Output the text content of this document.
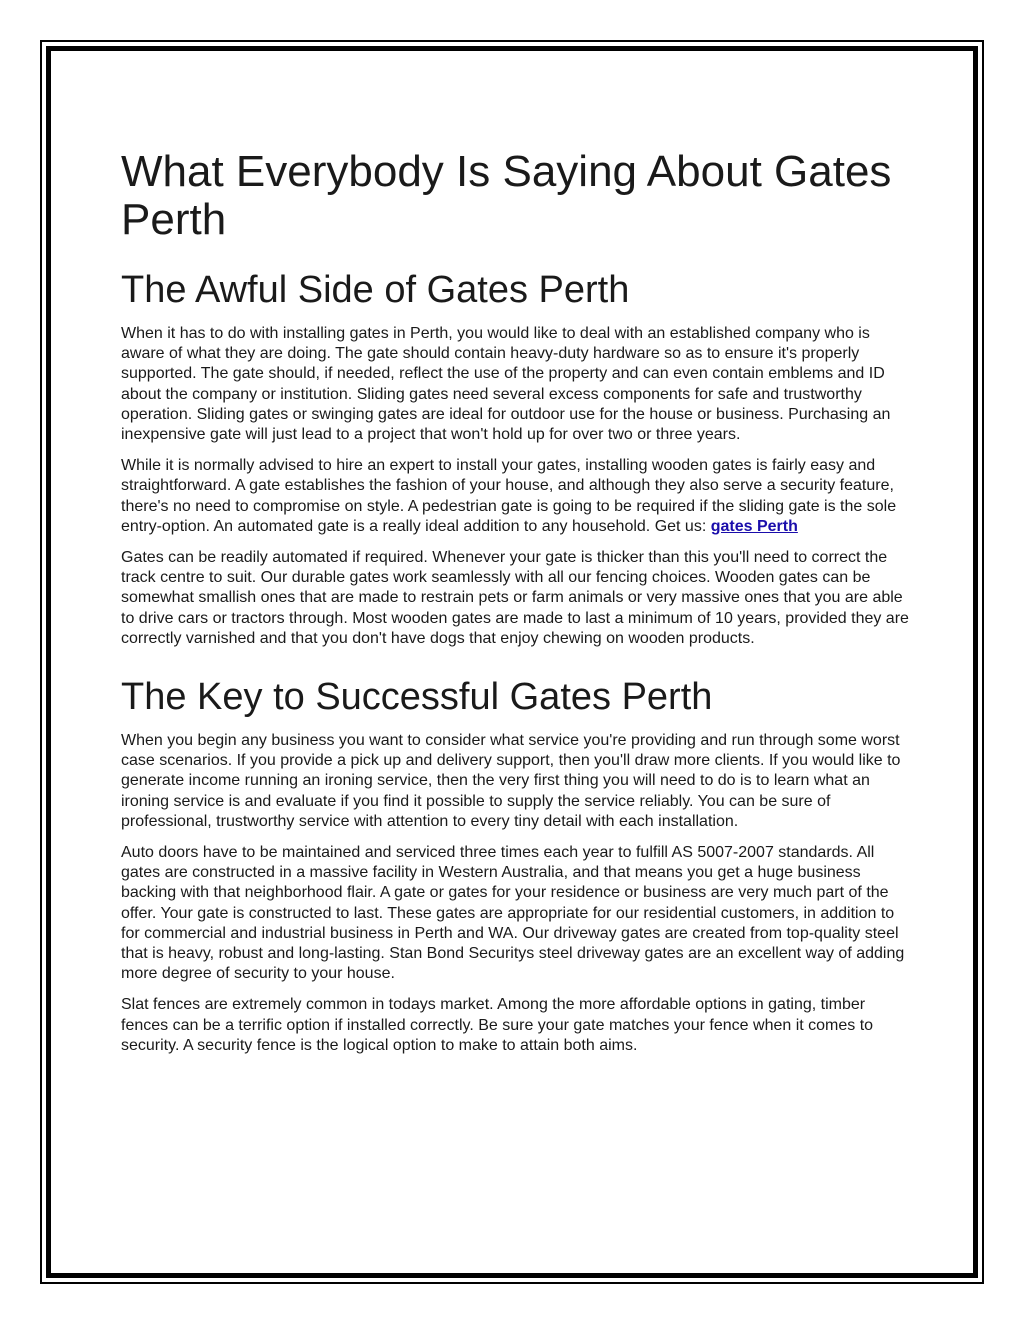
What Everybody Is Saying About Gates Perth
The Awful Side of Gates Perth

When it has to do with installing gates in Perth, you would like to deal with an established company who is aware of what they are doing. The gate should contain heavy-duty hardware so as to ensure it's properly supported. The gate should, if needed, reflect the use of the property and can even contain emblems and ID about the company or institution. Sliding gates need several excess components for safe and trustworthy operation. Sliding gates or swinging gates are ideal for outdoor use for the house or business. Purchasing an inexpensive gate will just lead to a project that won't hold up for over two or three years.

While it is normally advised to hire an expert to install your gates, installing wooden gates is fairly easy and straightforward. A gate establishes the fashion of your house, and although they also serve a security feature, there's no need to compromise on style. A pedestrian gate is going to be required if the sliding gate is the sole entry-option. An automated gate is a really ideal addition to any household. Get us: gates Perth

Gates can be readily automated if required. Whenever your gate is thicker than this you'll need to correct the track centre to suit. Our durable gates work seamlessly with all our fencing choices. Wooden gates can be somewhat smallish ones that are made to restrain pets or farm animals or very massive ones that you are able to drive cars or tractors through. Most wooden gates are made to last a minimum of 10 years, provided they are correctly varnished and that you don't have dogs that enjoy chewing on wooden products.

The Key to Successful Gates Perth

When you begin any business you want to consider what service you're providing and run through some worst case scenarios. If you provide a pick up and delivery support, then you'll draw more clients. If you would like to generate income running an ironing service, then the very first thing you will need to do is to learn what an ironing service is and evaluate if you find it possible to supply the service reliably. You can be sure of professional, trustworthy service with attention to every tiny detail with each installation.

Auto doors have to be maintained and serviced three times each year to fulfill AS 5007-2007 standards. All gates are constructed in a massive facility in Western Australia, and that means you get a huge business backing with that neighborhood flair. A gate or gates for your residence or business are very much part of the offer. Your gate is constructed to last. These gates are appropriate for our residential customers, in addition to for commercial and industrial business in Perth and WA. Our driveway gates are created from top-quality steel that is heavy, robust and long-lasting. Stan Bond Securitys steel driveway gates are an excellent way of adding more degree of security to your house.

Slat fences are extremely common in todays market. Among the more affordable options in gating, timber fences can be a terrific option if installed correctly. Be sure your gate matches your fence when it comes to security. A security fence is the logical option to make to attain both aims.
